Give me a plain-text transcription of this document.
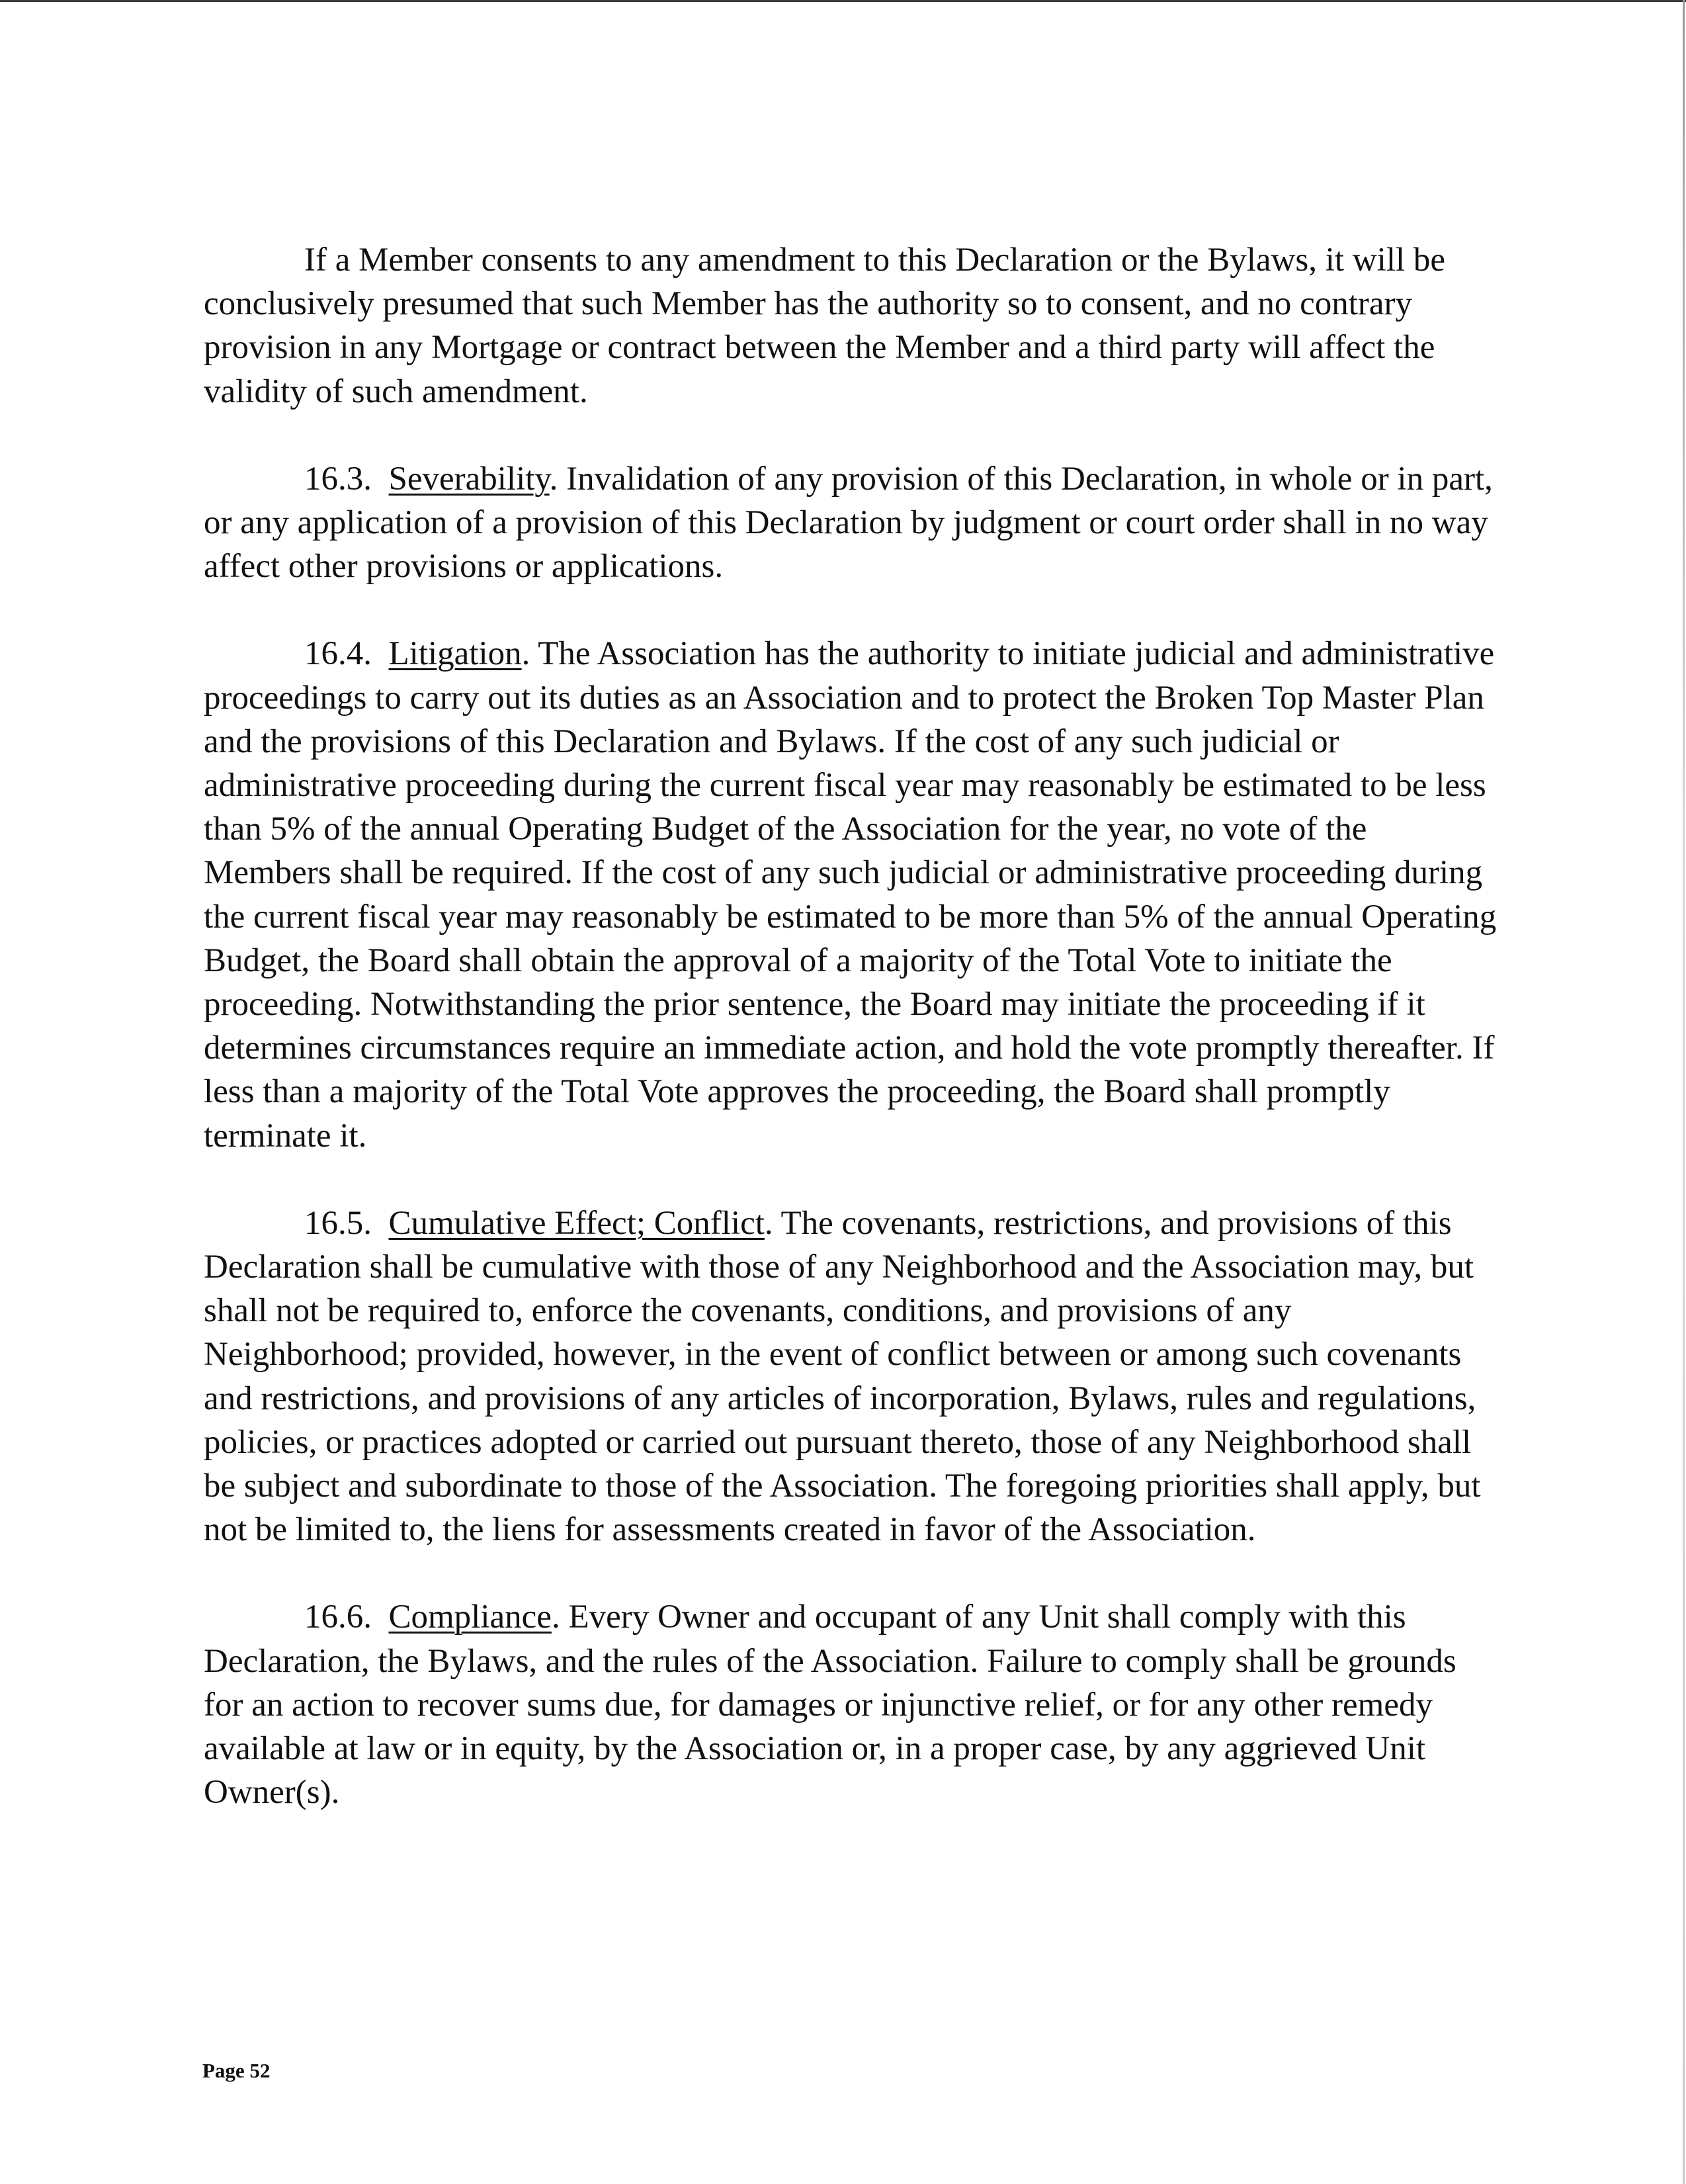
If a Member consents to any amendment to this Declaration or the Bylaws, it will be conclusively presumed that such Member has the authority so to consent, and no contrary provision in any Mortgage or contract between the Member and a third party will affect the validity of such amendment.

16.3. Severability. Invalidation of any provision of this Declaration, in whole or in part, or any application of a provision of this Declaration by judgment or court order shall in no way affect other provisions or applications.

16.4. Litigation. The Association has the authority to initiate judicial and administrative proceedings to carry out its duties as an Association and to protect the Broken Top Master Plan and the provisions of this Declaration and Bylaws. If the cost of any such judicial or administrative proceeding during the current fiscal year may reasonably be estimated to be less than 5% of the annual Operating Budget of the Association for the year, no vote of the Members shall be required. If the cost of any such judicial or administrative proceeding during the current fiscal year may reasonably be estimated to be more than 5% of the annual Operating Budget, the Board shall obtain the approval of a majority of the Total Vote to initiate the proceeding. Notwithstanding the prior sentence, the Board may initiate the proceeding if it determines circumstances require an immediate action, and hold the vote promptly thereafter. If less than a majority of the Total Vote approves the proceeding, the Board shall promptly terminate it.

16.5. Cumulative Effect; Conflict. The covenants, restrictions, and provisions of this Declaration shall be cumulative with those of any Neighborhood and the Association may, but shall not be required to, enforce the covenants, conditions, and provisions of any Neighborhood; provided, however, in the event of conflict between or among such covenants and restrictions, and provisions of any articles of incorporation, Bylaws, rules and regulations, policies, or practices adopted or carried out pursuant thereto, those of any Neighborhood shall be subject and subordinate to those of the Association. The foregoing priorities shall apply, but not be limited to, the liens for assessments created in favor of the Association.

16.6. Compliance. Every Owner and occupant of any Unit shall comply with this Declaration, the Bylaws, and the rules of the Association. Failure to comply shall be grounds for an action to recover sums due, for damages or injunctive relief, or for any other remedy available at law or in equity, by the Association or, in a proper case, by any aggrieved Unit Owner(s).

Page 52
